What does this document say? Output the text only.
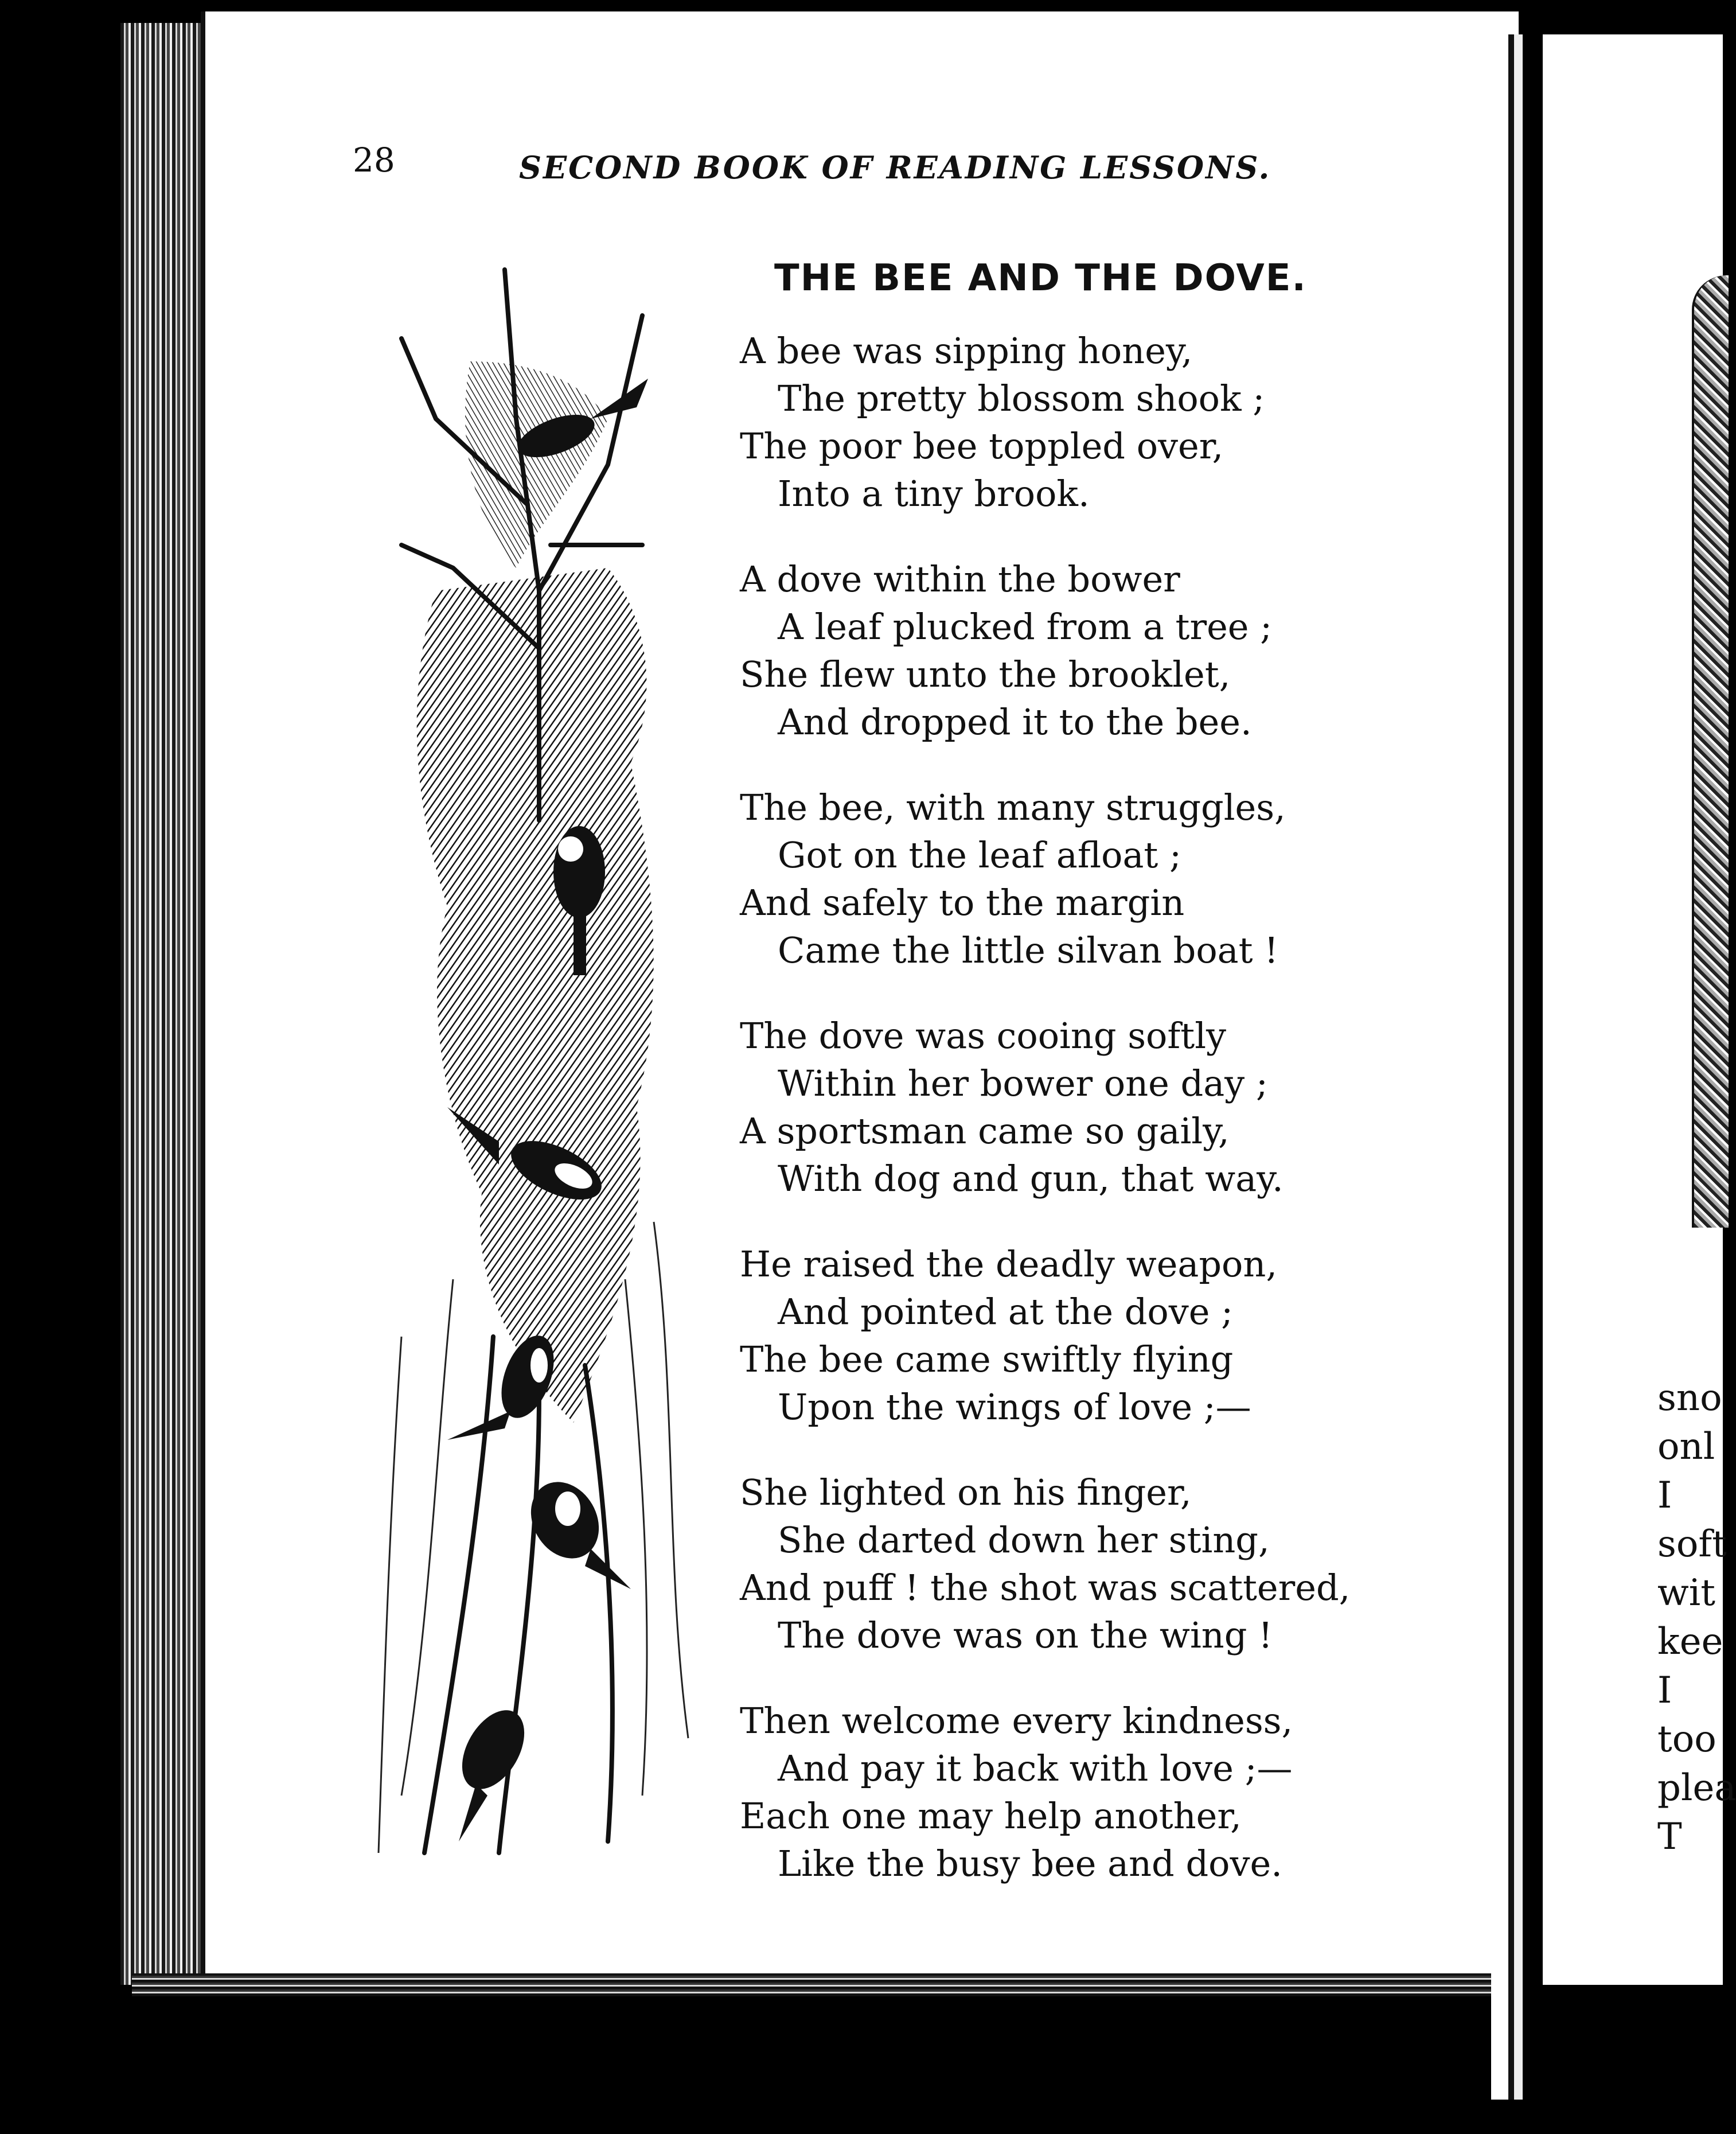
sno
onl
I
soft
wit
kee
I
too
plea
T
28	SECOND BOOK OF READING LESSONS.
THE BEE AND THE DOVE.
A bee was sipping honey,
The pretty blossom shook ;
The poor bee toppled over,
Into a tiny brook.
A dove within the bower
A leaf plucked from a tree ;
She flew unto the brooklet,
And dropped it to the bee.
The bee, with many struggles,
Got on the leaf afloat ;
And safely to the margin
Came the little silvan boat !
The dove was cooing softly
Within her bower one day ;
A sportsman came so gaily,
With dog and gun, that way.
He raised the deadly weapon,
And pointed at the dove ;
The bee came swiftly flying
Upon the wings of love ;—
She lighted on his finger,
She darted down her sting,
And puff ! the shot was scattered,
The dove was on the wing !
Then welcome every kindness,
And pay it back with love ;—
Each one may help another,
Like the busy bee and dove.
